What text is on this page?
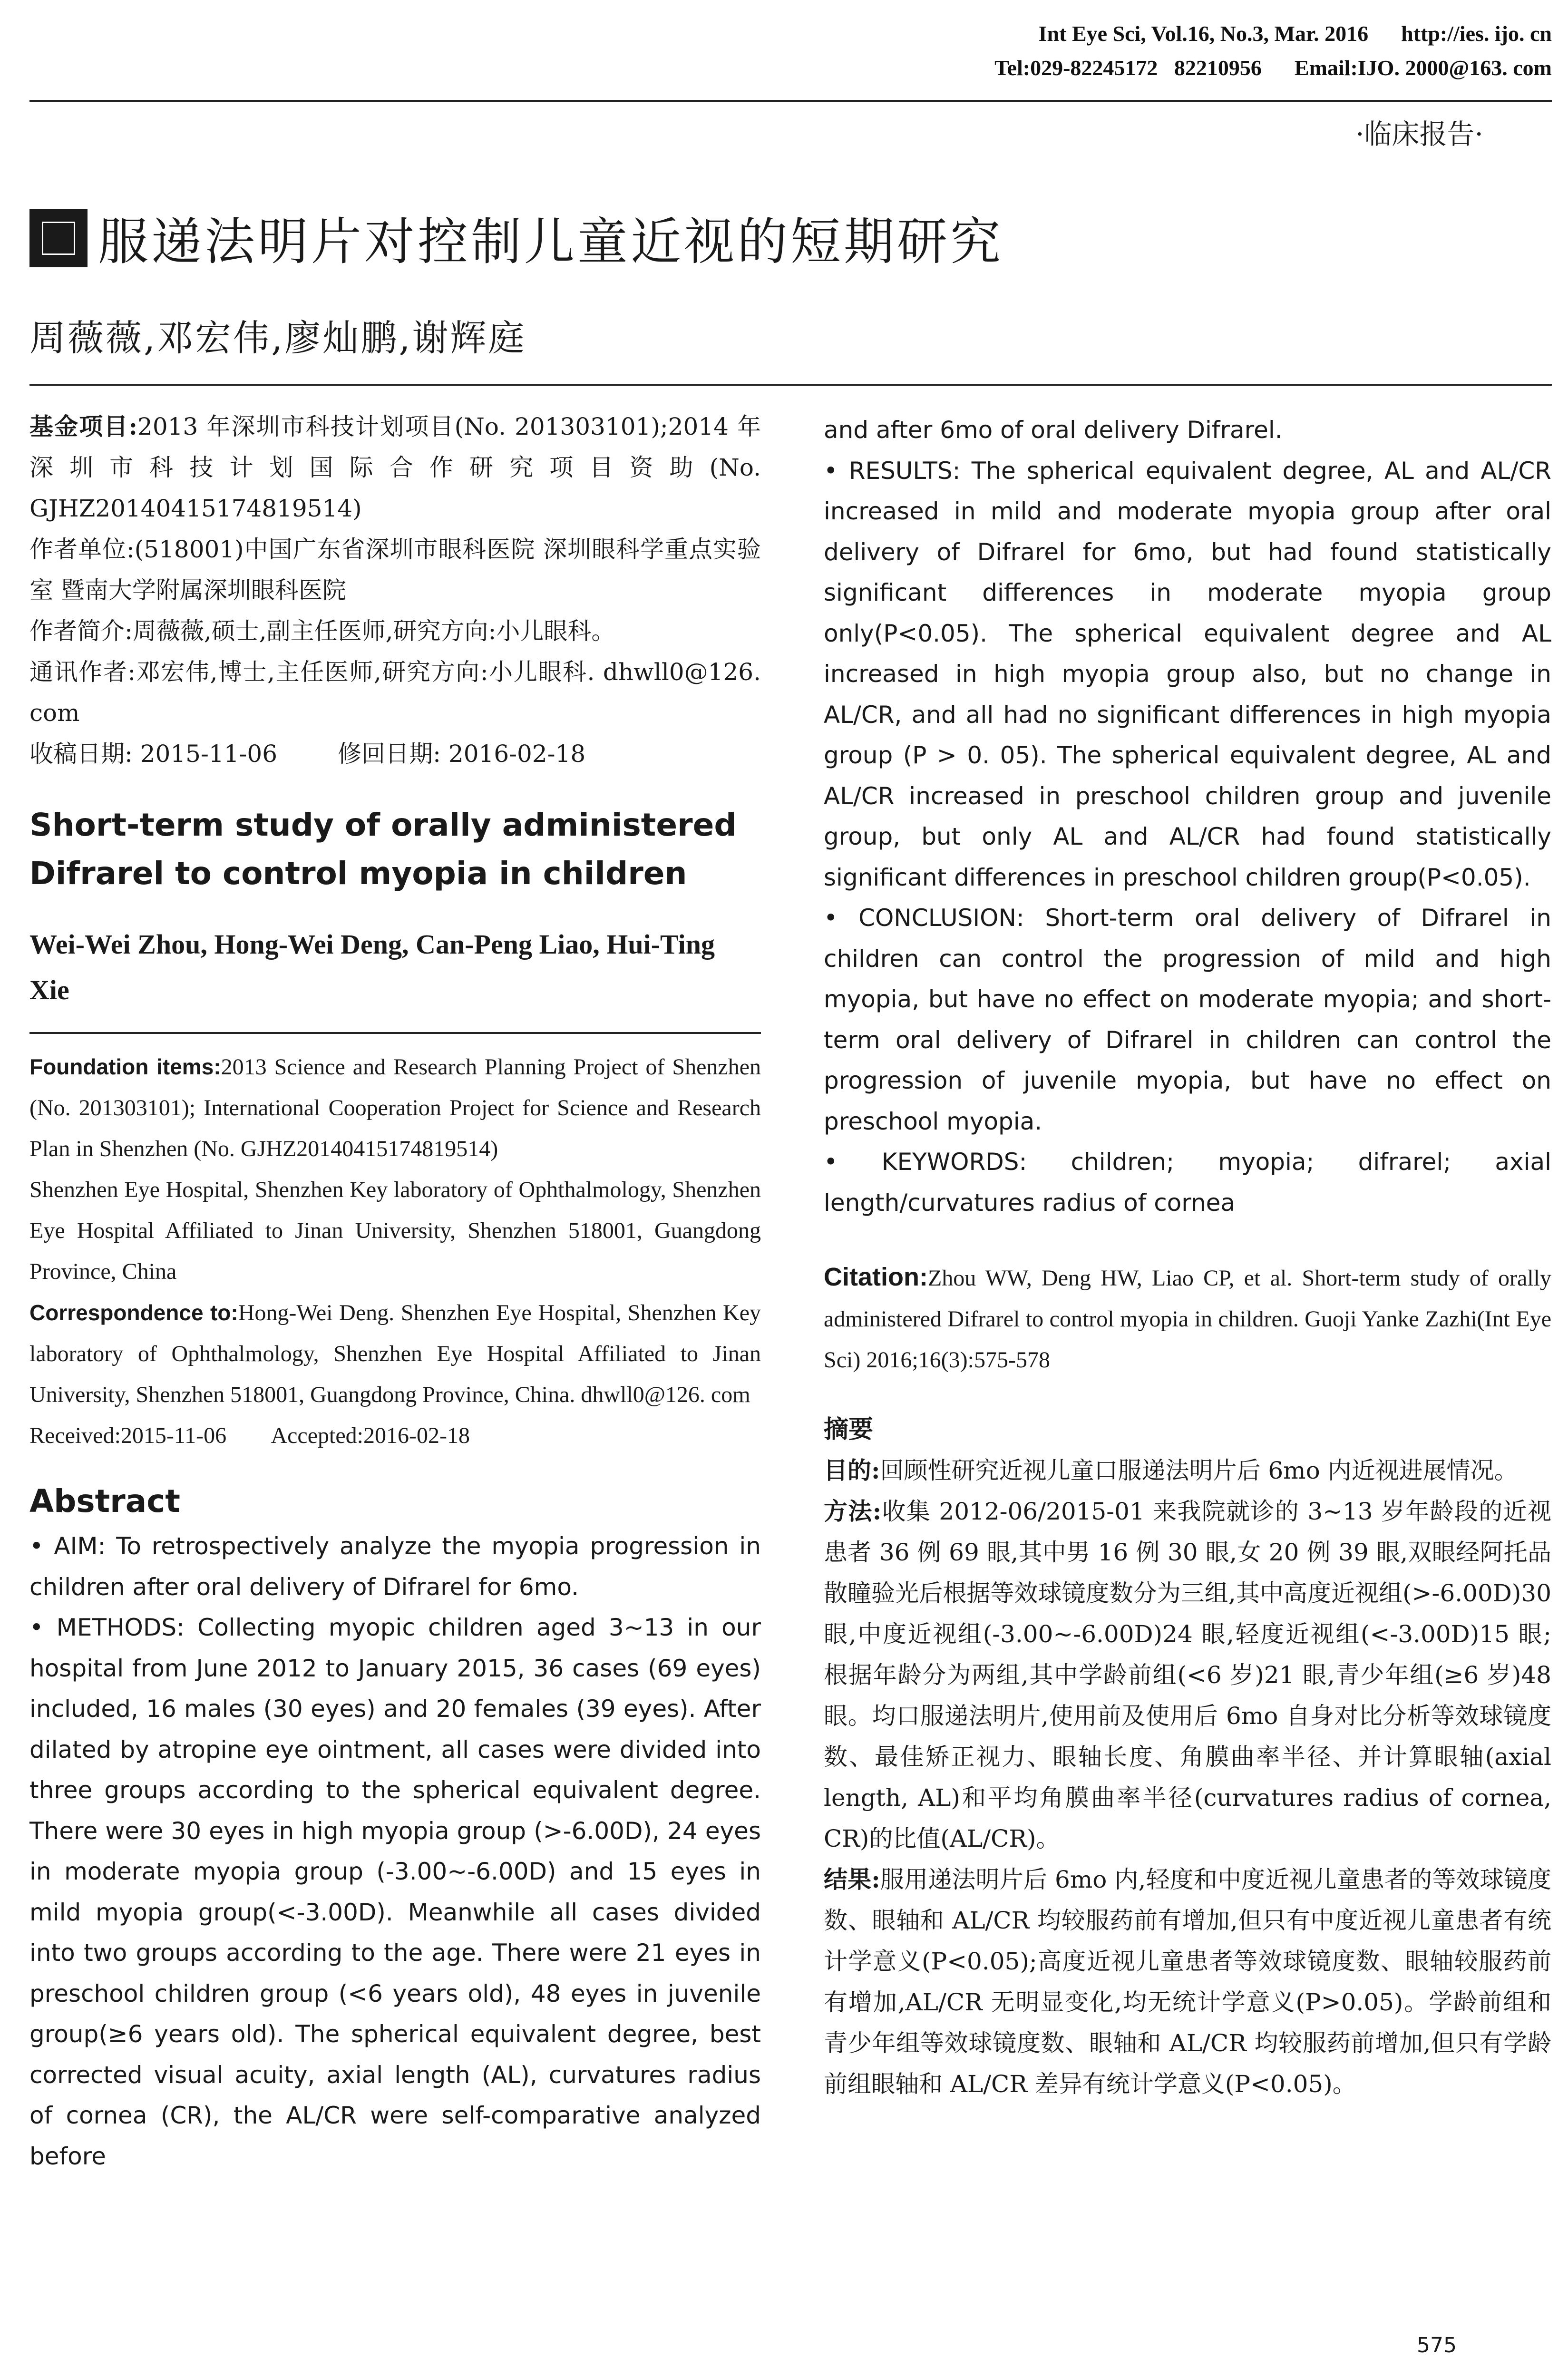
Int Eye Sci, Vol.16, No.3, Mar. 2016      http://ies. ijo. cn
Tel:029-82245172   82210956      Email:IJO. 2000@163. com
·临床报告·
服递法明片对控制儿童近视的短期研究
周薇薇,邓宏伟,廖灿鹏,谢辉庭

基金项目:2013 年深圳市科技计划项目(No. 201303101);2014 年深圳市科技计划国际合作研究项目资助(No. GJHZ20140415174819514)

作者单位:(518001)中国广东省深圳市眼科医院 深圳眼科学重点实验室 暨南大学附属深圳眼科医院

作者简介:周薇薇,硕士,副主任医师,研究方向:小儿眼科。

通讯作者:邓宏伟,博士,主任医师,研究方向:小儿眼科. dhwll0@126. com

收稿日期: 2015-11-06        修回日期: 2016-02-18

Short-term study of orally administered Difrarel to control myopia in children

Wei-Wei Zhou, Hong-Wei Deng, Can-Peng Liao, Hui-Ting Xie

Foundation items:2013 Science and Research Planning Project of Shenzhen (No. 201303101); International Cooperation Project for Science and Research Plan in Shenzhen (No. GJHZ20140415174819514)

Shenzhen Eye Hospital, Shenzhen Key laboratory of Ophthalmology, Shenzhen Eye Hospital Affiliated to Jinan University, Shenzhen 518001, Guangdong Province, China

Correspondence to:Hong-Wei Deng. Shenzhen Eye Hospital, Shenzhen Key laboratory of Ophthalmology, Shenzhen Eye Hospital Affiliated to Jinan University, Shenzhen 518001, Guangdong Province, China. dhwll0@126. com

Received:2015-11-06        Accepted:2016-02-18

Abstract

• AIM: To retrospectively analyze the myopia progression in children after oral delivery of Difrarel for 6mo.

• METHODS: Collecting myopic children aged 3~13 in our hospital from June 2012 to January 2015, 36 cases (69 eyes) included, 16 males (30 eyes) and 20 females (39 eyes). After dilated by atropine eye ointment, all cases were divided into three groups according to the spherical equivalent degree. There were 30 eyes in high myopia group (>-6.00D), 24 eyes in moderate myopia group (-3.00~-6.00D) and 15 eyes in mild myopia group(<-3.00D). Meanwhile all cases divided into two groups according to the age. There were 21 eyes in preschool children group (<6 years old), 48 eyes in juvenile group(≥6 years old). The spherical equivalent degree, best corrected visual acuity, axial length (AL), curvatures radius of cornea (CR), the AL/CR were self-comparative analyzed before

and after 6mo of oral delivery Difrarel.

• RESULTS: The spherical equivalent degree, AL and AL/CR increased in mild and moderate myopia group after oral delivery of Difrarel for 6mo, but had found statistically significant differences in moderate myopia group only(P<0.05). The spherical equivalent degree and AL increased in high myopia group also, but no change in AL/CR, and all had no significant differences in high myopia group (P > 0. 05). The spherical equivalent degree, AL and AL/CR increased in preschool children group and juvenile group, but only AL and AL/CR had found statistically significant differences in preschool children group(P<0.05).

• CONCLUSION: Short-term oral delivery of Difrarel in children can control the progression of mild and high myopia, but have no effect on moderate myopia; and short-term oral delivery of Difrarel in children can control the progression of juvenile myopia, but have no effect on preschool myopia.

• KEYWORDS: children; myopia; difrarel; axial length/curvatures radius of cornea

Citation:Zhou WW, Deng HW, Liao CP, et al. Short-term study of orally administered Difrarel to control myopia in children. Guoji Yanke Zazhi(Int Eye Sci) 2016;16(3):575-578

摘要

目的:回顾性研究近视儿童口服递法明片后 6mo 内近视进展情况。

方法:收集 2012-06/2015-01 来我院就诊的 3~13 岁年龄段的近视患者 36 例 69 眼,其中男 16 例 30 眼,女 20 例 39 眼,双眼经阿托品散瞳验光后根据等效球镜度数分为三组,其中高度近视组(>-6.00D)30 眼,中度近视组(-3.00~-6.00D)24 眼,轻度近视组(<-3.00D)15 眼;根据年龄分为两组,其中学龄前组(<6 岁)21 眼,青少年组(≥6 岁)48 眼。均口服递法明片,使用前及使用后 6mo 自身对比分析等效球镜度数、最佳矫正视力、眼轴长度、角膜曲率半径、并计算眼轴(axial length, AL)和平均角膜曲率半径(curvatures radius of cornea, CR)的比值(AL/CR)。

结果:服用递法明片后 6mo 内,轻度和中度近视儿童患者的等效球镜度数、眼轴和 AL/CR 均较服药前有增加,但只有中度近视儿童患者有统计学意义(P<0.05);高度近视儿童患者等效球镜度数、眼轴较服药前有增加,AL/CR 无明显变化,均无统计学意义(P>0.05)。学龄前组和青少年组等效球镜度数、眼轴和 AL/CR 均较服药前增加,但只有学龄前组眼轴和 AL/CR 差异有统计学意义(P<0.05)。

575
